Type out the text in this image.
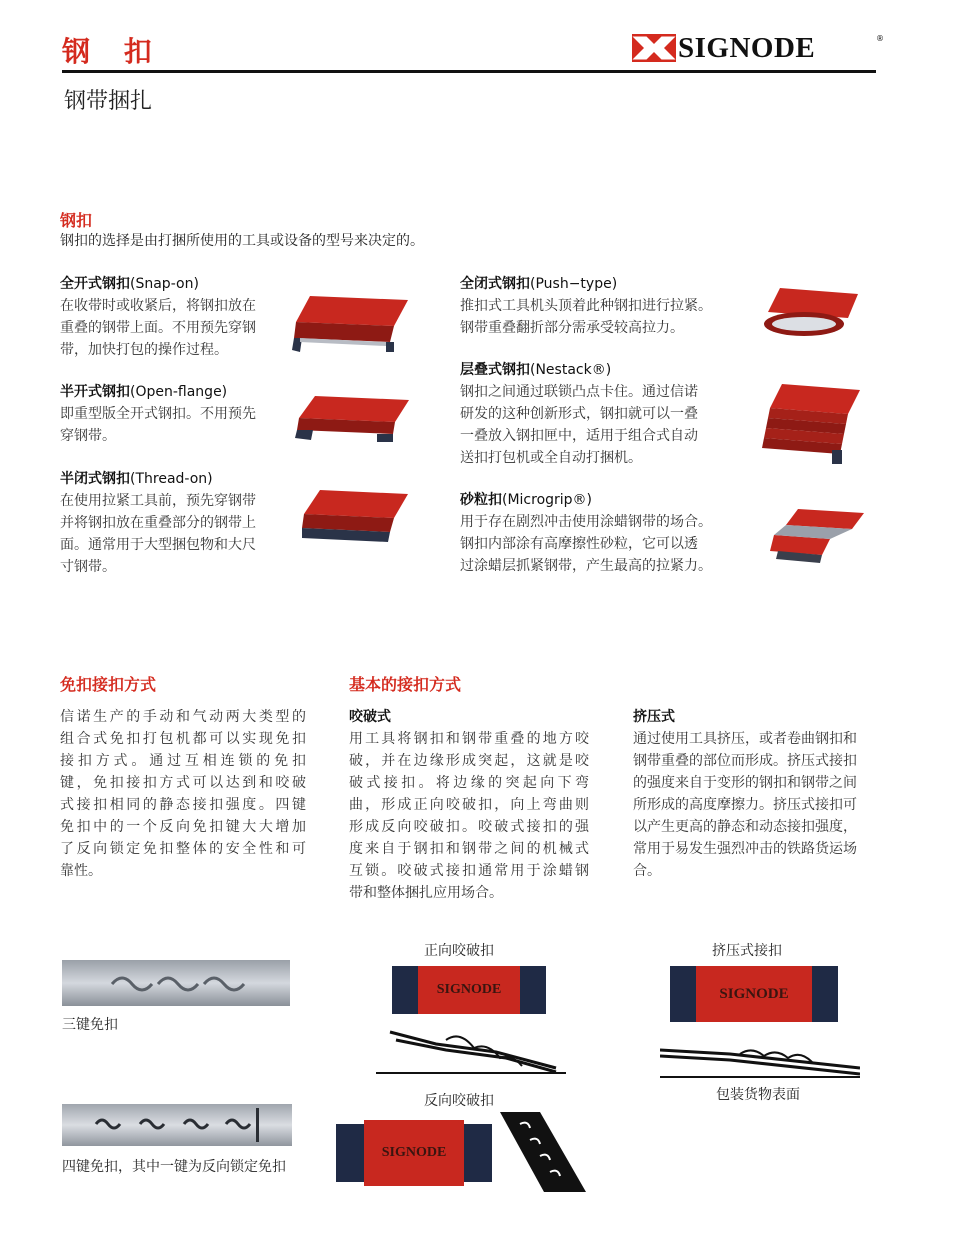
钢 扣
钢带捆扎
SIGNODE	®
钢扣
钢扣的选择是由打捆所使用的工具或设备的型号来决定的。
全开式钢扣(Snap-on)
在收带时或收紧后，将钢扣放在
重叠的钢带上面。不用预先穿钢
带，加快打包的操作过程。
半开式钢扣(Open-flange)
即重型版全开式钢扣。不用预先
穿钢带。
半闭式钢扣(Thread-on)
在使用拉紧工具前，预先穿钢带
并将钢扣放在重叠部分的钢带上
面。通常用于大型捆包物和大尺
寸钢带。
全闭式钢扣(Push−type)
推扣式工具机头顶着此种钢扣进行拉紧。
钢带重叠翻折部分需承受较高拉力。
层叠式钢扣(Nestack®)
钢扣之间通过联锁凸点卡住。通过信诺
研发的这种创新形式，钢扣就可以一叠
一叠放入钢扣匣中，适用于组合式自动
送扣打包机或全自动打捆机。
砂粒扣(Microgrip®)
用于存在剧烈冲击使用涂蜡钢带的场合。
钢扣内部涂有高摩擦性砂粒，它可以透
过涂蜡层抓紧钢带，产生最高的拉紧力。
免扣接扣方式
信诺生产的手动和气动两大类型的
组合式免扣打包机都可以实现免扣
接扣方式。通过互相连锁的免扣
键，免扣接扣方式可以达到和咬破
式接扣相同的静态接扣强度。四键
免扣中的一个反向免扣键大大增加
了反向锁定免扣整体的安全性和可
靠性。
基本的接扣方式
咬破式
用工具将钢扣和钢带重叠的地方咬
破，并在边缘形成突起，这就是咬
破式接扣。将边缘的突起向下弯
曲，形成正向咬破扣，向上弯曲则
形成反向咬破扣。咬破式接扣的强
度来自于钢扣和钢带之间的机械式
互锁。咬破式接扣通常用于涂蜡钢
带和整体捆扎应用场合。
挤压式
通过使用工具挤压，或者卷曲钢扣和
钢带重叠的部位而形成。挤压式接扣
的强度来自于变形的钢扣和钢带之间
所形成的高度摩擦力。挤压式接扣可
以产生更高的静态和动态接扣强度，
常用于易发生强烈冲击的铁路货运场
合。
三键免扣
四键免扣，其中一键为反向锁定免扣
正向咬破扣
SIGNODE
反向咬破扣
SIGNODE
挤压式接扣
SIGNODE
包装货物表面
